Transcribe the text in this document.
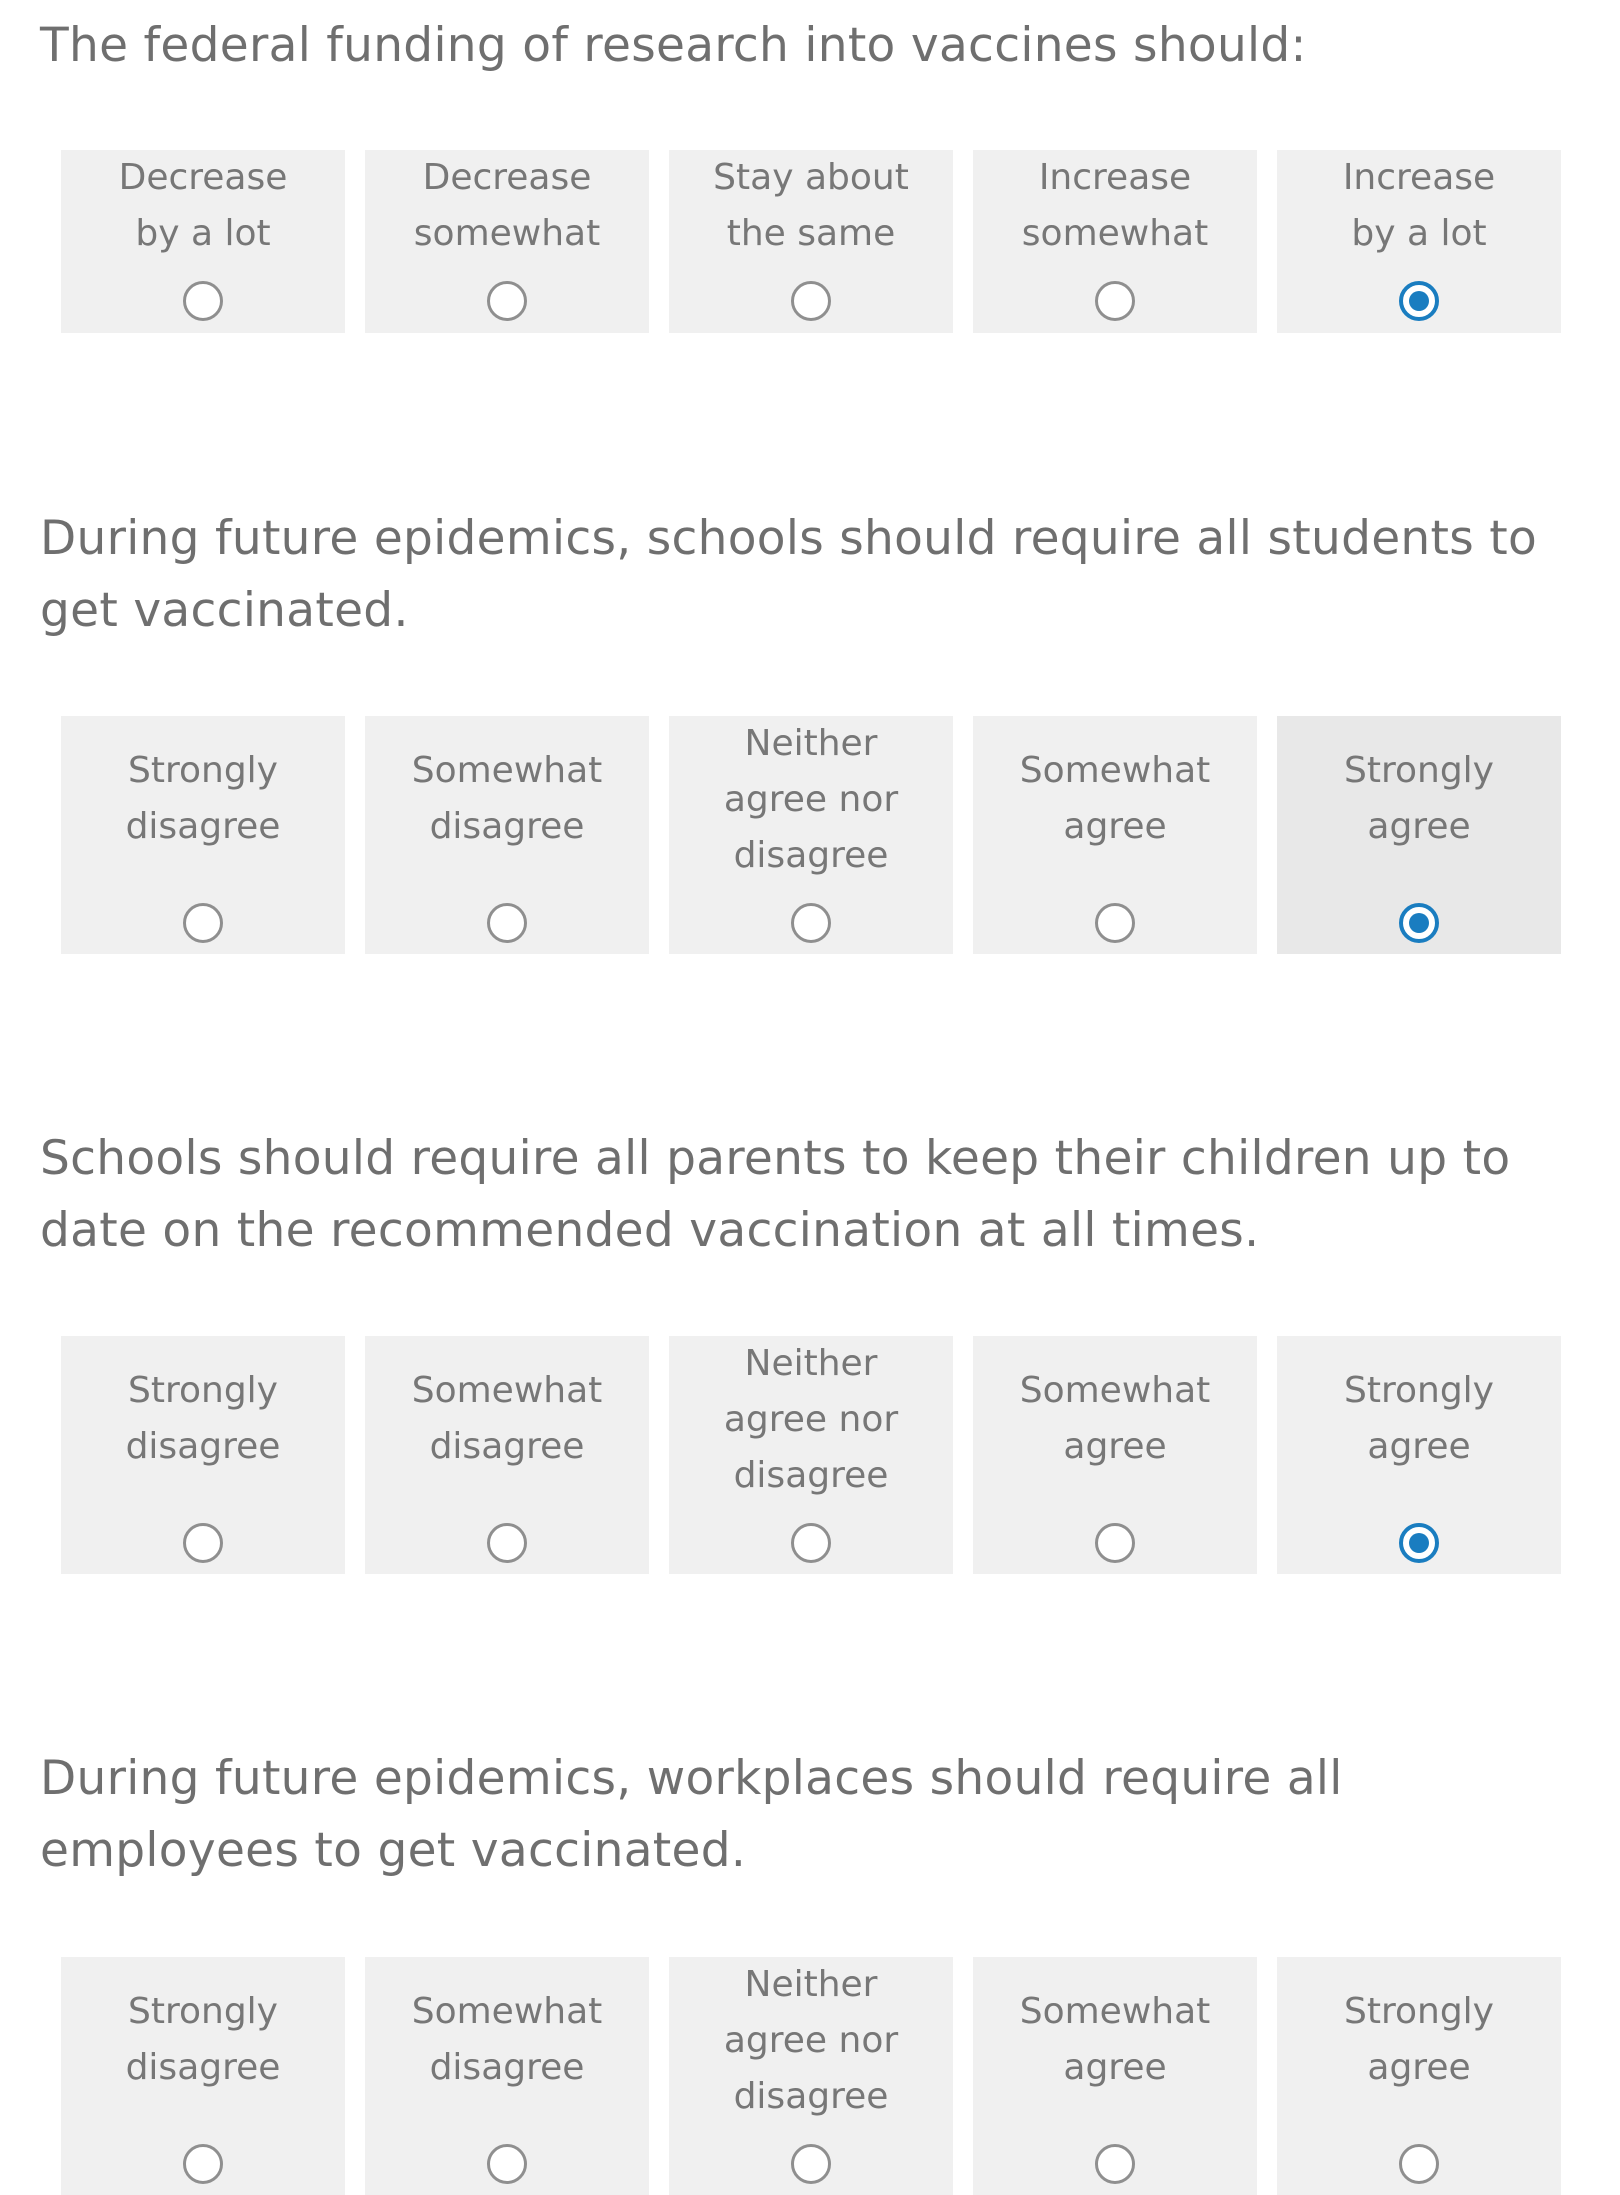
The federal funding of research into vaccines should:
Decrease
by a lot
Decrease
somewhat
Stay about
the same
Increase
somewhat
Increase
by a lot
During future epidemics, schools should require all students to get vaccinated.
Strongly
disagree
Somewhat
disagree
Neither
agree nor
disagree
Somewhat
agree
Strongly
agree
Schools should require all parents to keep their children up to date on the recommended vaccination at all times.
Strongly
disagree
Somewhat
disagree
Neither
agree nor
disagree
Somewhat
agree
Strongly
agree
During future epidemics, workplaces should require all employees to get vaccinated.
Strongly
disagree
Somewhat
disagree
Neither
agree nor
disagree
Somewhat
agree
Strongly
agree
